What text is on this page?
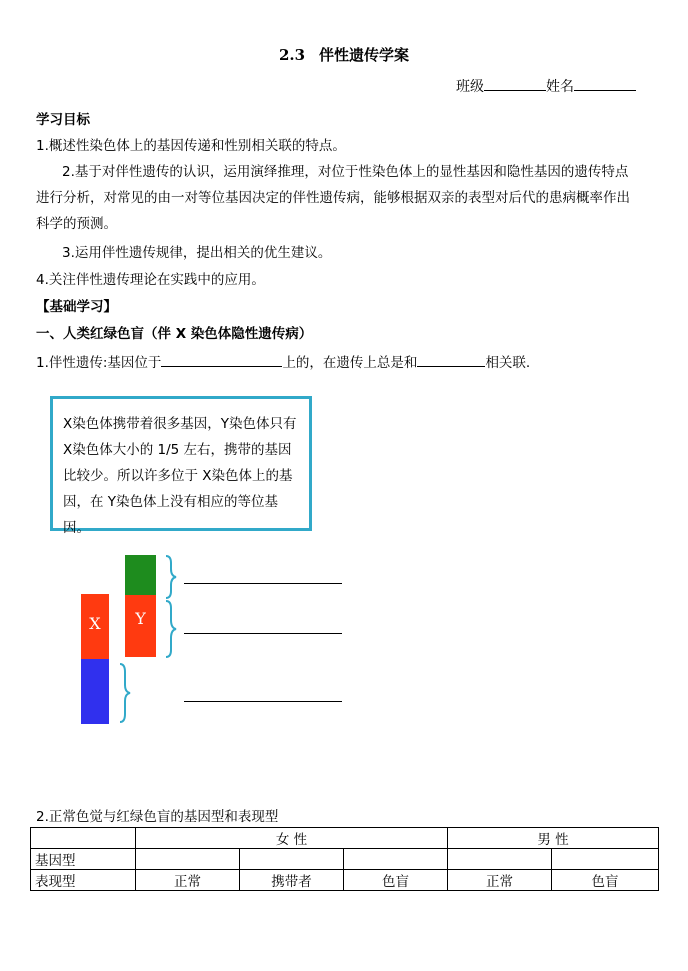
2.3 伴性遗传学案
班级	姓名
学习目标
1.概述性染色体上的基因传递和性别相关联的特点。
2.基于对伴性遗传的认识，运用演绎推理，对位于性染色体上的显性基因和隐性基因的遗传特点
进行分析，对常见的由一对等位基因决定的伴性遗传病，能够根据双亲的表型对后代的患病概率作出
科学的预测。
3.运用伴性遗传规律，提出相关的优生建议。
4.关注伴性遗传理论在实践中的应用。
【基础学习】
一、人类红绿色盲（伴 X 染色体隐性遗传病）
1.伴性遗传:基因位于	上的，在遗传上总是和	相关联.
X染色体携带着很多基因，Y染色体只有X染色体大小的 1/5 左右，携带的基因比较少。所以许多位于 X染色体上的基因，在 Y染色体上没有相应的等位基因。
X	Y
2.正常色觉与红绿色盲的基因型和表现型
	女 性			男 性	
基因型					
表现型	正常	携带者	色盲	正常	色盲
